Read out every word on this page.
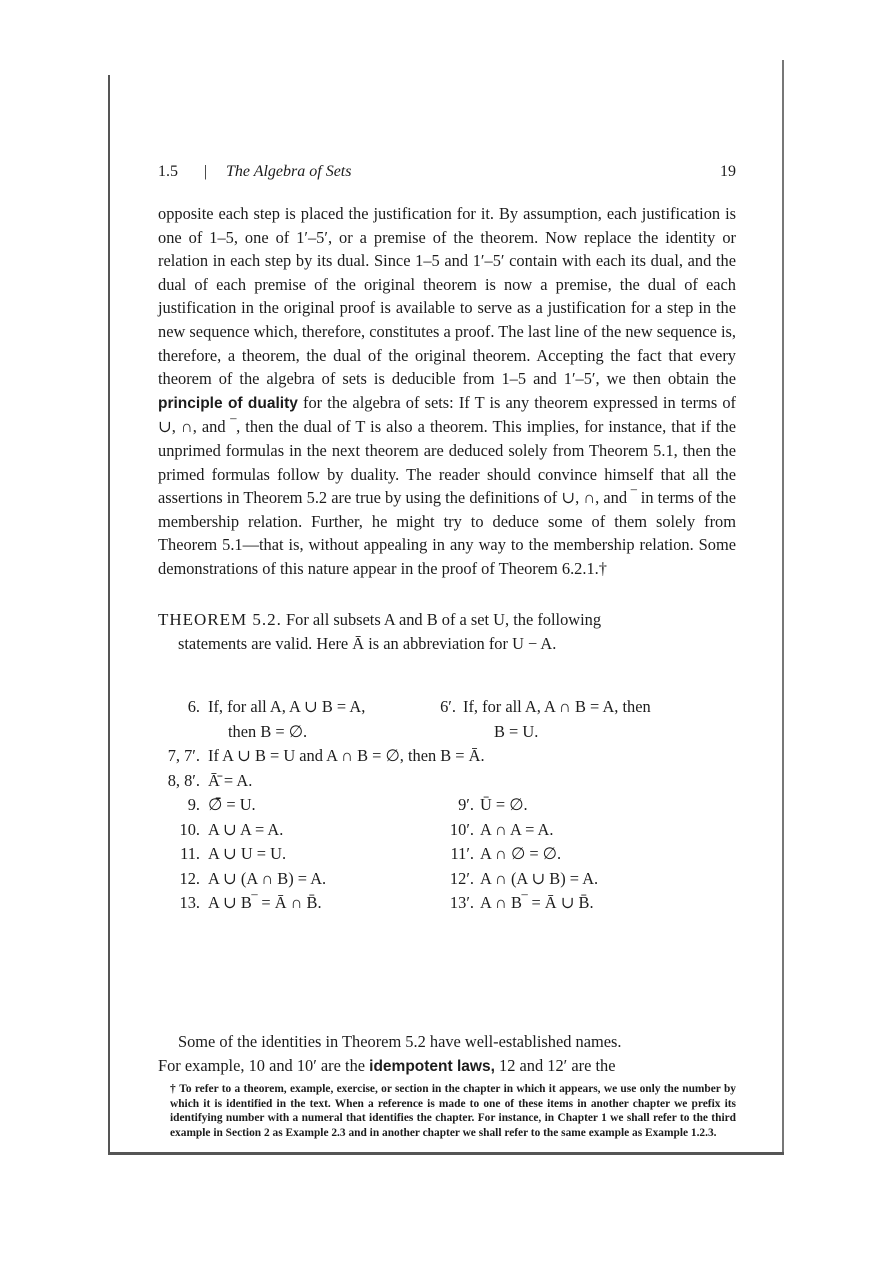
1.5 | The Algebra of Sets	19
opposite each step is placed the justification for it. By assumption, each justification is one of 1–5, one of 1′–5′, or a premise of the theorem. Now replace the identity or relation in each step by its dual. Since 1–5 and 1′–5′ contain with each its dual, and the dual of each premise of the original theorem is now a premise, the dual of each justification in the original proof is available to serve as a justification for a step in the new sequence which, therefore, constitutes a proof. The last line of the new sequence is, therefore, a theorem, the dual of the original theorem. Accepting the fact that every theorem of the algebra of sets is deducible from 1–5 and 1′–5′, we then obtain the principle of duality for the algebra of sets: If T is any theorem expressed in terms of ∪, ∩, and ‾, then the dual of T is also a theorem. This implies, for instance, that if the unprimed formulas in the next theorem are deduced solely from Theorem 5.1, then the primed formulas follow by duality. The reader should convince himself that all the assertions in Theorem 5.2 are true by using the definitions of ∪, ∩, and ‾ in terms of the membership relation. Further, he might try to deduce some of them solely from Theorem 5.1—that is, without appealing in any way to the membership relation. Some demonstrations of this nature appear in the proof of Theorem 6.2.1.†
THEOREM 5.2. For all subsets A and B of a set U, the following
statements are valid. Here Ā is an abbreviation for U − A.
6. If, for all A, A ∪ B = A,	6′. If, for all A, A ∩ B = A, then
then B = ∅.	B = U.
7, 7′. If A ∪ B = U and A ∩ B = ∅, then B = Ā.
8, 8′. Ā̄ = A.
9. ∅̄ = U.	9′. Ū = ∅.
10. A ∪ A = A.	10′. A ∩ A = A.
11. A ∪ U = U.	11′. A ∩ ∅ = ∅.
12. A ∪ (A ∩ B) = A.	12′. A ∩ (A ∪ B) = A.
13. A ∪ B‾ = Ā ∩ B̄.	13′. A ∩ B‾ = Ā ∪ B̄.
Some of the identities in Theorem 5.2 have well-established names.
For example, 10 and 10′ are the idempotent laws, 12 and 12′ are the
† To refer to a theorem, example, exercise, or section in the chapter in which it appears, we use only the number by which it is identified in the text. When a reference is made to one of these items in another chapter we prefix its identifying number with a numeral that identifies the chapter. For instance, in Chapter 1 we shall refer to the third example in Section 2 as Example 2.3 and in another chapter we shall refer to the same example as Example 1.2.3.
